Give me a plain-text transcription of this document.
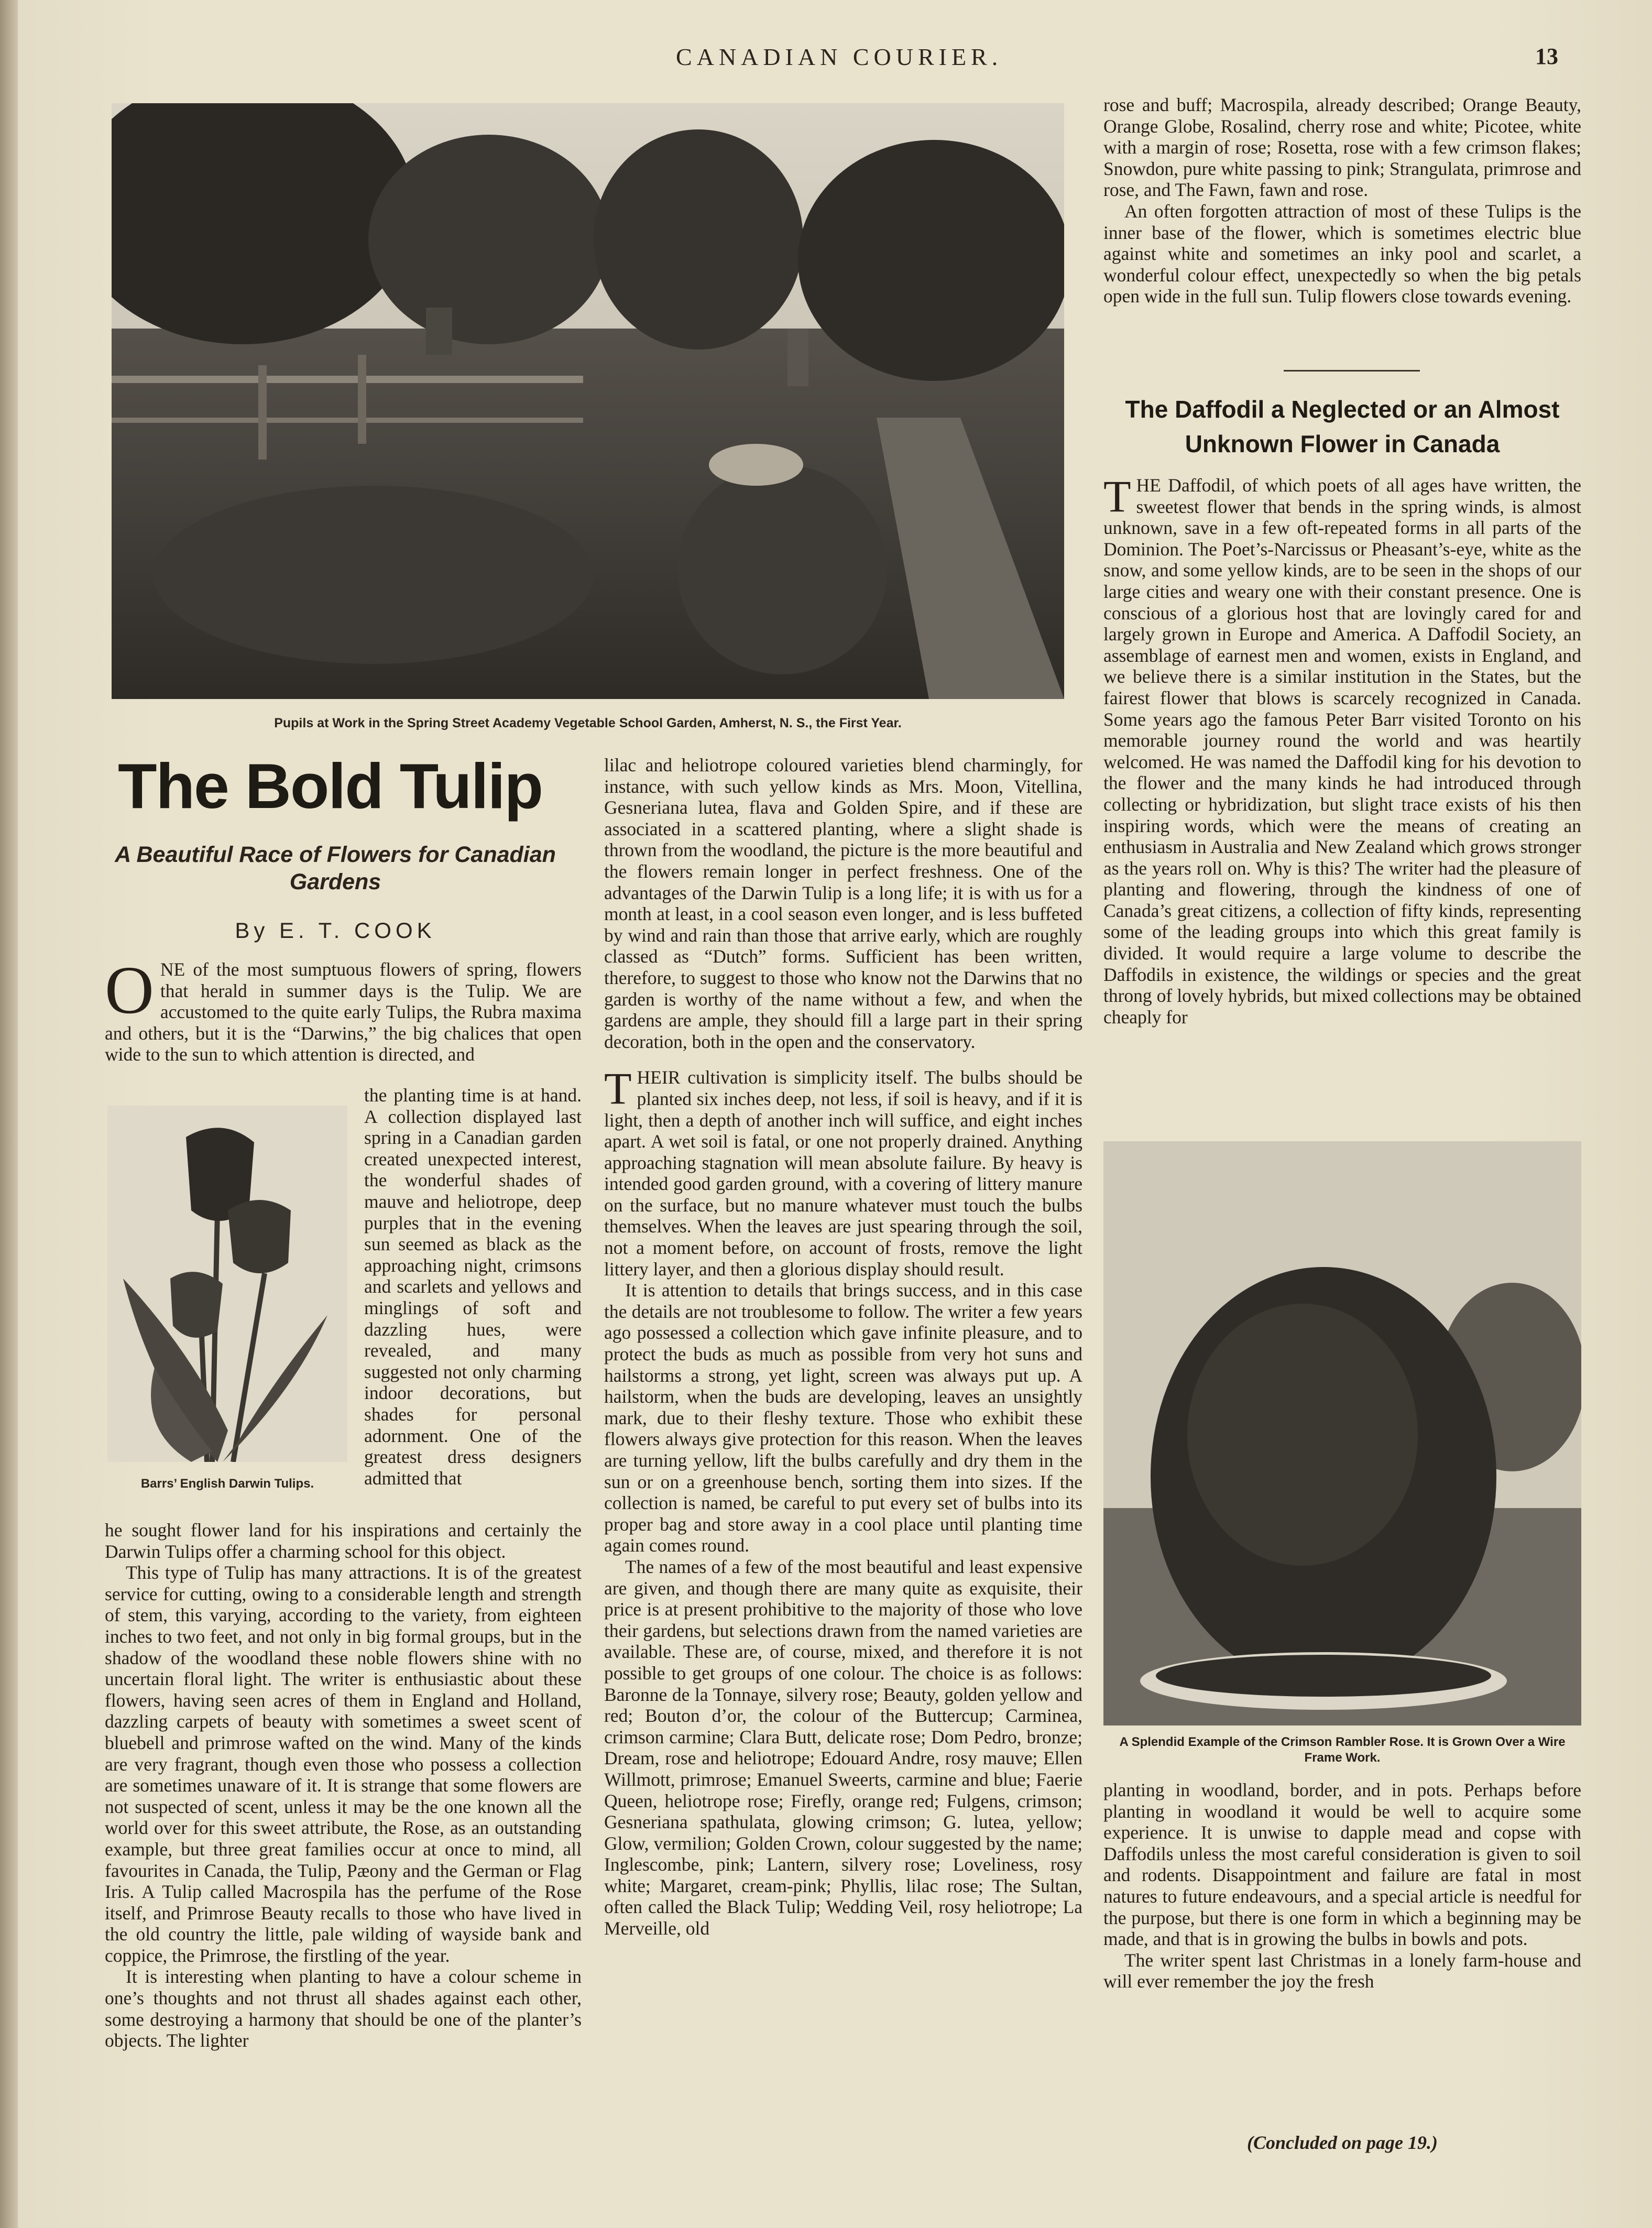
CANADIAN COURIER.	13
Pupils at Work in the Spring Street Academy Vegetable School Garden, Amherst, N. S., the First Year.
The Bold Tulip
A Beautiful Race of Flowers for Canadian Gardens
By E. T. COOK
ONE of the most sumptuous flowers of spring, flowers that herald in summer days is the Tulip. We are accustomed to the quite early Tulips, the Rubra maxima and others, but it is the “Darwins,” the big chalices that open wide to the sun to which attention is directed, and
Barrs’ English Darwin Tulips.
the planting time is at hand. A collection displayed last spring in a Canadian garden created unexpected interest, the wonderful shades of mauve and heliotrope, deep purples that in the evening sun seemed as black as the approaching night, crimsons and scarlets and yellows and minglings of soft and dazzling hues, were revealed, and many suggested not only charming indoor decorations, but shades for personal adornment. One of the greatest dress designers admitted that

he sought flower land for his inspirations and certainly the Darwin Tulips offer a charming school for this object.

This type of Tulip has many attractions. It is of the greatest service for cutting, owing to a considerable length and strength of stem, this varying, according to the variety, from eighteen inches to two feet, and not only in big formal groups, but in the shadow of the woodland these noble flowers shine with no uncertain floral light. The writer is enthusiastic about these flowers, having seen acres of them in England and Holland, dazzling carpets of beauty with sometimes a sweet scent of bluebell and primrose wafted on the wind. Many of the kinds are very fragrant, though even those who possess a collection are sometimes unaware of it. It is strange that some flowers are not suspected of scent, unless it may be the one known all the world over for this sweet attribute, the Rose, as an outstanding example, but three great families occur at once to mind, all favourites in Canada, the Tulip, Pæony and the German or Flag Iris. A Tulip called Macrospila has the perfume of the Rose itself, and Primrose Beauty recalls to those who have lived in the old country the little, pale wilding of wayside bank and coppice, the Primrose, the firstling of the year.

It is interesting when planting to have a colour scheme in one’s thoughts and not thrust all shades against each other, some destroying a harmony that should be one of the planter’s objects. The lighter

lilac and heliotrope coloured varieties blend charmingly, for instance, with such yellow kinds as Mrs. Moon, Vitellina, Gesneriana lutea, flava and Golden Spire, and if these are associated in a scattered planting, where a slight shade is thrown from the woodland, the picture is the more beautiful and the flowers remain longer in perfect freshness. One of the advantages of the Darwin Tulip is a long life; it is with us for a month at least, in a cool season even longer, and is less buffeted by wind and rain than those that arrive early, which are roughly classed as “Dutch” forms. Sufficient has been written, therefore, to suggest to those who know not the Darwins that no garden is worthy of the name without a few, and when the gardens are ample, they should fill a large part in their spring decoration, both in the open and the conservatory.

THEIR cultivation is simplicity itself. The bulbs should be planted six inches deep, not less, if soil is heavy, and if it is light, then a depth of another inch will suffice, and eight inches apart. A wet soil is fatal, or one not properly drained. Anything approaching stagnation will mean absolute failure. By heavy is intended good garden ground, with a covering of littery manure on the surface, but no manure whatever must touch the bulbs themselves. When the leaves are just spearing through the soil, not a moment before, on account of frosts, remove the light littery layer, and then a glorious display should result.

It is attention to details that brings success, and in this case the details are not troublesome to follow. The writer a few years ago possessed a collection which gave infinite pleasure, and to protect the buds as much as possible from very hot suns and hailstorms a strong, yet light, screen was always put up. A hailstorm, when the buds are developing, leaves an unsightly mark, due to their fleshy texture. Those who exhibit these flowers always give protection for this reason. When the leaves are turning yellow, lift the bulbs carefully and dry them in the sun or on a greenhouse bench, sorting them into sizes. If the collection is named, be careful to put every set of bulbs into its proper bag and store away in a cool place until planting time again comes round.

The names of a few of the most beautiful and least expensive are given, and though there are many quite as exquisite, their price is at present prohibitive to the majority of those who love their gardens, but selections drawn from the named varieties are available. These are, of course, mixed, and therefore it is not possible to get groups of one colour. The choice is as follows: Baronne de la Tonnaye, silvery rose; Beauty, golden yellow and red; Bouton d’or, the colour of the Buttercup; Carminea, crimson carmine; Clara Butt, delicate rose; Dom Pedro, bronze; Dream, rose and heliotrope; Edouard Andre, rosy mauve; Ellen Willmott, primrose; Emanuel Sweerts, carmine and blue; Faerie Queen, heliotrope rose; Firefly, orange red; Fulgens, crimson; Gesneriana spathulata, glowing crimson; G. lutea, yellow; Glow, vermilion; Golden Crown, colour suggested by the name; Inglescombe, pink; Lantern, silvery rose; Loveliness, rosy white; Margaret, cream-pink; Phyllis, lilac rose; The Sultan, often called the Black Tulip; Wedding Veil, rosy heliotrope; La Merveille, old

rose and buff; Macrospila, already described; Orange Beauty, Orange Globe, Rosalind, cherry rose and white; Picotee, white with a margin of rose; Rosetta, rose with a few crimson flakes; Snowdon, pure white passing to pink; Strangulata, primrose and rose, and The Fawn, fawn and rose.

An often forgotten attraction of most of these Tulips is the inner base of the flower, which is sometimes electric blue against white and sometimes an inky pool and scarlet, a wonderful colour effect, unexpectedly so when the big petals open wide in the full sun. Tulip flowers close towards evening.

The Daffodil a Neglected or an Almost Unknown Flower in Canada

THE Daffodil, of which poets of all ages have written, the sweetest flower that bends in the spring winds, is almost unknown, save in a few oft-repeated forms in all parts of the Dominion. The Poet’s-Narcissus or Pheasant’s-eye, white as the snow, and some yellow kinds, are to be seen in the shops of our large cities and weary one with their constant presence. One is conscious of a glorious host that are lovingly cared for and largely grown in Europe and America. A Daffodil Society, an assemblage of earnest men and women, exists in England, and we believe there is a similar institution in the States, but the fairest flower that blows is scarcely recognized in Canada. Some years ago the famous Peter Barr visited Toronto on his memorable journey round the world and was heartily welcomed. He was named the Daffodil king for his devotion to the flower and the many kinds he had introduced through collecting or hybridization, but slight trace exists of his then inspiring words, which were the means of creating an enthusiasm in Australia and New Zealand which grows stronger as the years roll on. Why is this? The writer had the pleasure of planting and flowering, through the kindness of one of Canada’s great citizens, a collection of fifty kinds, representing some of the leading groups into which this great family is divided. It would require a large volume to describe the Daffodils in existence, the wildings or species and the great throng of lovely hybrids, but mixed collections may be obtained cheaply for

A Splendid Example of the Crimson Rambler Rose. It is Grown Over a Wire Frame Work.

planting in woodland, border, and in pots. Perhaps before planting in woodland it would be well to acquire some experience. It is unwise to dapple mead and copse with Daffodils unless the most careful consideration is given to soil and rodents. Disappointment and failure are fatal in most natures to future endeavours, and a special article is needful for the purpose, but there is one form in which a beginning may be made, and that is in growing the bulbs in bowls and pots.

The writer spent last Christmas in a lonely farm-house and will ever remember the joy the fresh

(Concluded on page 19.)
